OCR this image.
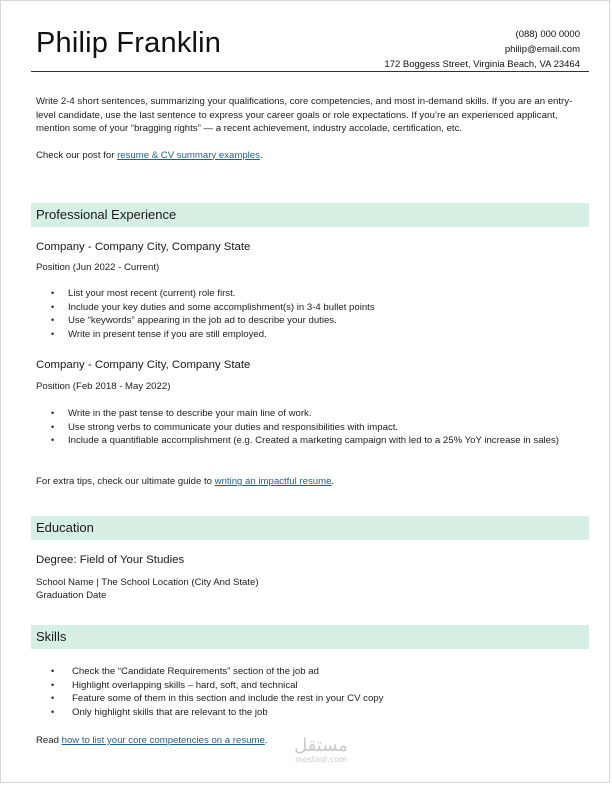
Philip Franklin	(088) 000 0000
philip@email.com
172 Boggess Street, Virginia Beach, VA 23464

Write 2-4 short sentences, summarizing your qualifications, core competencies, and most in-demand skills. If you are an entry-level candidate, use the last sentence to express your career goals or role expectations. If you’re an experienced applicant, mention some of your “bragging rights” — a recent achievement, industry accolade, certification, etc.

Check our post for resume & CV summary examples.

Professional Experience
Company - Company City, Company State
Position (Jun 2022 - Current)
• List your most recent (current) role first.
• Include your key duties and some accomplishment(s) in 3-4 bullet points
• Use “keywords” appearing in the job ad to describe your duties.
• Write in present tense if you are still employed.
Company - Company City, Company State
Position (Feb 2018 - May 2022)
• Write in the past tense to describe your main line of work.
• Use strong verbs to communicate your duties and responsibilities with impact.
• Include a quantifiable accomplishment (e.g. Created a marketing campaign with led to a 25% YoY increase in sales)
For extra tips, check our ultimate guide to writing an impactful resume.
Education
Degree: Field of Your Studies
School Name | The School Location (City And State)
Graduation Date
Skills
• Check the “Candidate Requirements” section of the job ad
• Highlight overlapping skills – hard, soft, and technical
• Feature some of them in this section and include the rest in your CV copy
• Only highlight skills that are relevant to the job
Read how to list your core competencies on a resume.	مستقل
mostaql.com
